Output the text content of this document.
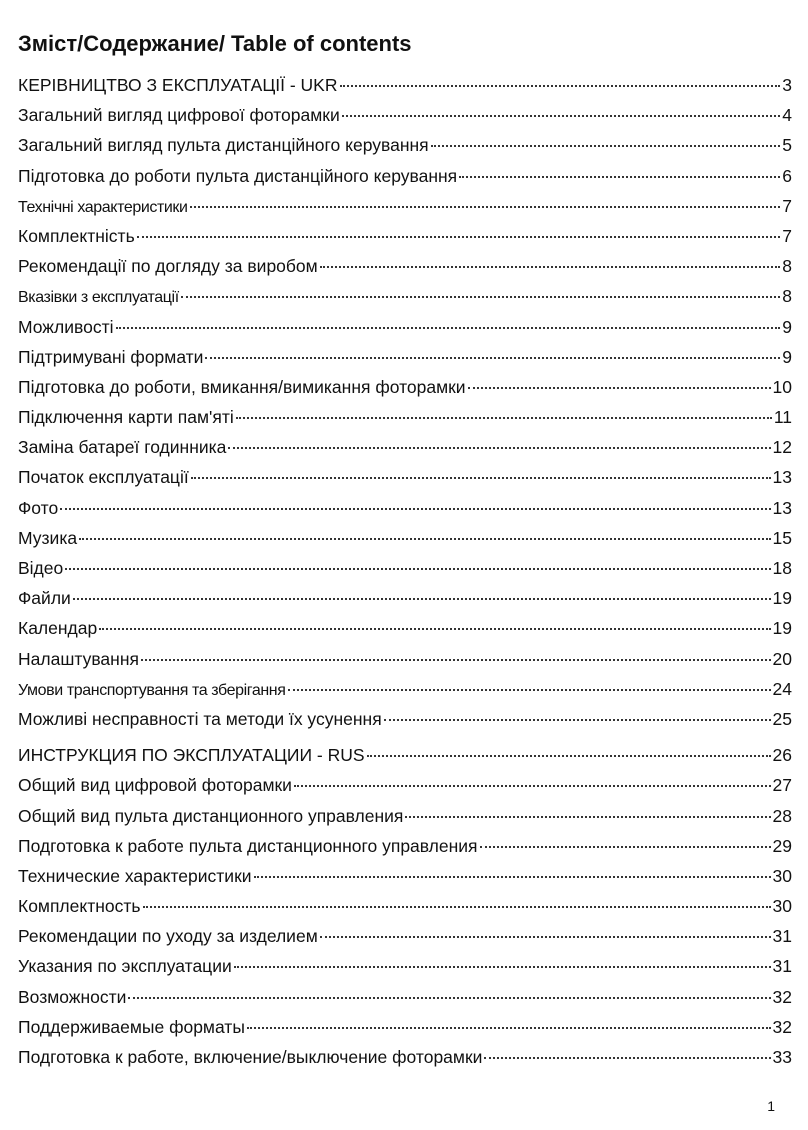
Зміст/Содержание/ Table of contents
КЕРІВНИЦТВО З ЕКСПЛУАТАЦІЇ - UKR	3
Загальний вигляд цифрової фоторамки	4
Загальний вигляд пульта дистанційного керування	5
Підготовка до роботи пульта дистанційного керування	6
Технічні характеристики	7
Комплектність	7
Рекомендації по догляду за виробом	8
Вказівки з експлуатації	8
Можливості	9
Підтримувані формати	9
Підготовка до роботи, вмикання/вимикання фоторамки	10
Підключення карти пам'яті	11
Заміна батареї годинника	12
Початок експлуатації	13
Фото	13
Музика	15
Відео	18
Файли	19
Календар	19
Налаштування	20
Умови транспортування та зберігання	24
Можливі несправності та методи їх усунення	25
ИНСТРУКЦИЯ ПО ЭКСПЛУАТАЦИИ - RUS	26
Общий вид цифровой фоторамки	27
Общий вид пульта дистанционного управления	28
Подготовка к работе пульта дистанционного управления	29
Технические характеристики	30
Комплектность	30
Рекомендации по уходу за изделием	31
Указания по эксплуатации	31
Возможности	32
Поддерживаемые форматы	32
Подготовка к работе, включение/выключение фоторамки	33
1
